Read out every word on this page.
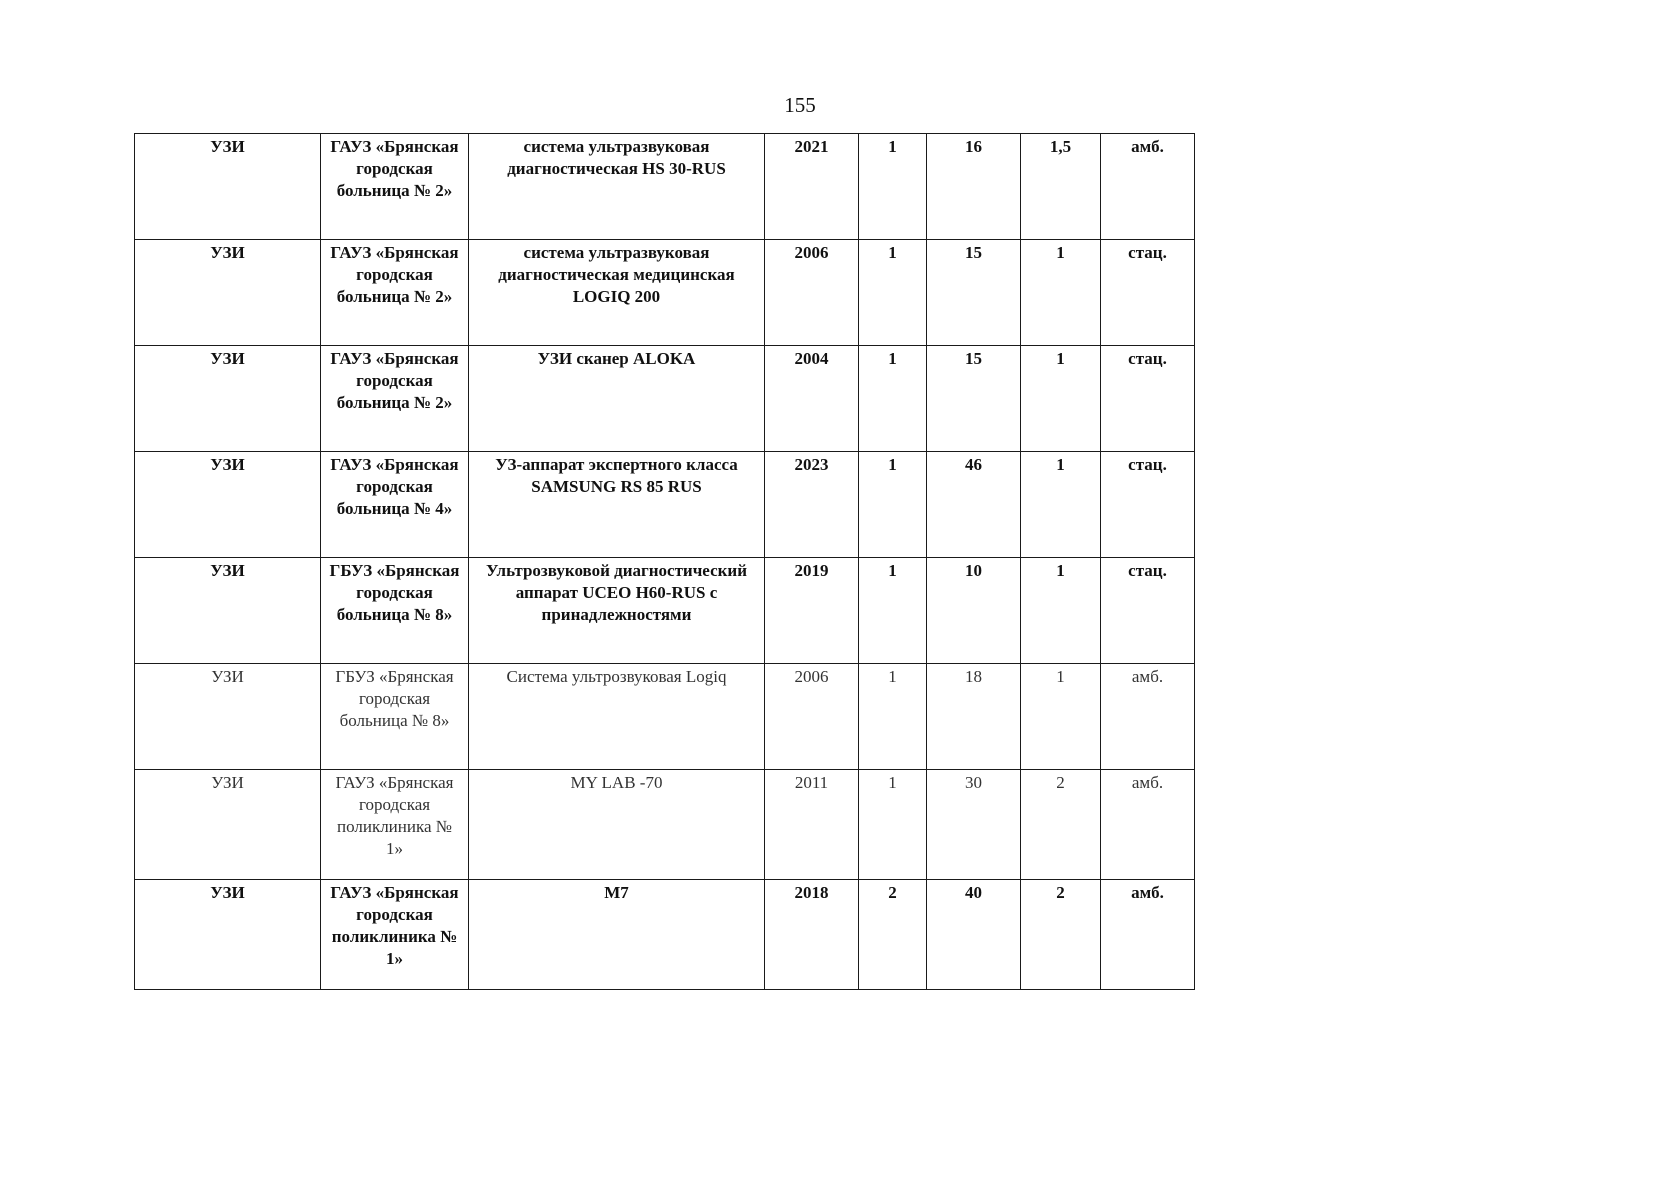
155
УЗИ	ГАУЗ «Брянская городская больница № 2»	система ультразвуковая диагностическая HS 30-RUS	2021	1	16	1,5	амб.
УЗИ	ГАУЗ «Брянская городская больница № 2»	система ультразвуковая диагностическая медицинская LOGIQ 200	2006	1	15	1	стац.
УЗИ	ГАУЗ «Брянская городская больница № 2»	УЗИ сканер ALOKA	2004	1	15	1	стац.
УЗИ	ГАУЗ «Брянская городская больница № 4»	УЗ-аппарат экспертного класса SAMSUNG RS 85 RUS	2023	1	46	1	стац.
УЗИ	ГБУЗ «Брянская городская больница № 8»	Ультрозвуковой диагностический аппарат UCEO H60-RUS с принадлежностями	2019	1	10	1	стац.
УЗИ	ГБУЗ «Брянская городская больница № 8»	Система ультрозвуковая Logiq	2006	1	18	1	амб.
УЗИ	ГАУЗ «Брянская городская поликлиника № 1»	MY LAB -70	2011	1	30	2	амб.
УЗИ	ГАУЗ «Брянская городская поликлиника № 1»	M7	2018	2	40	2	амб.
